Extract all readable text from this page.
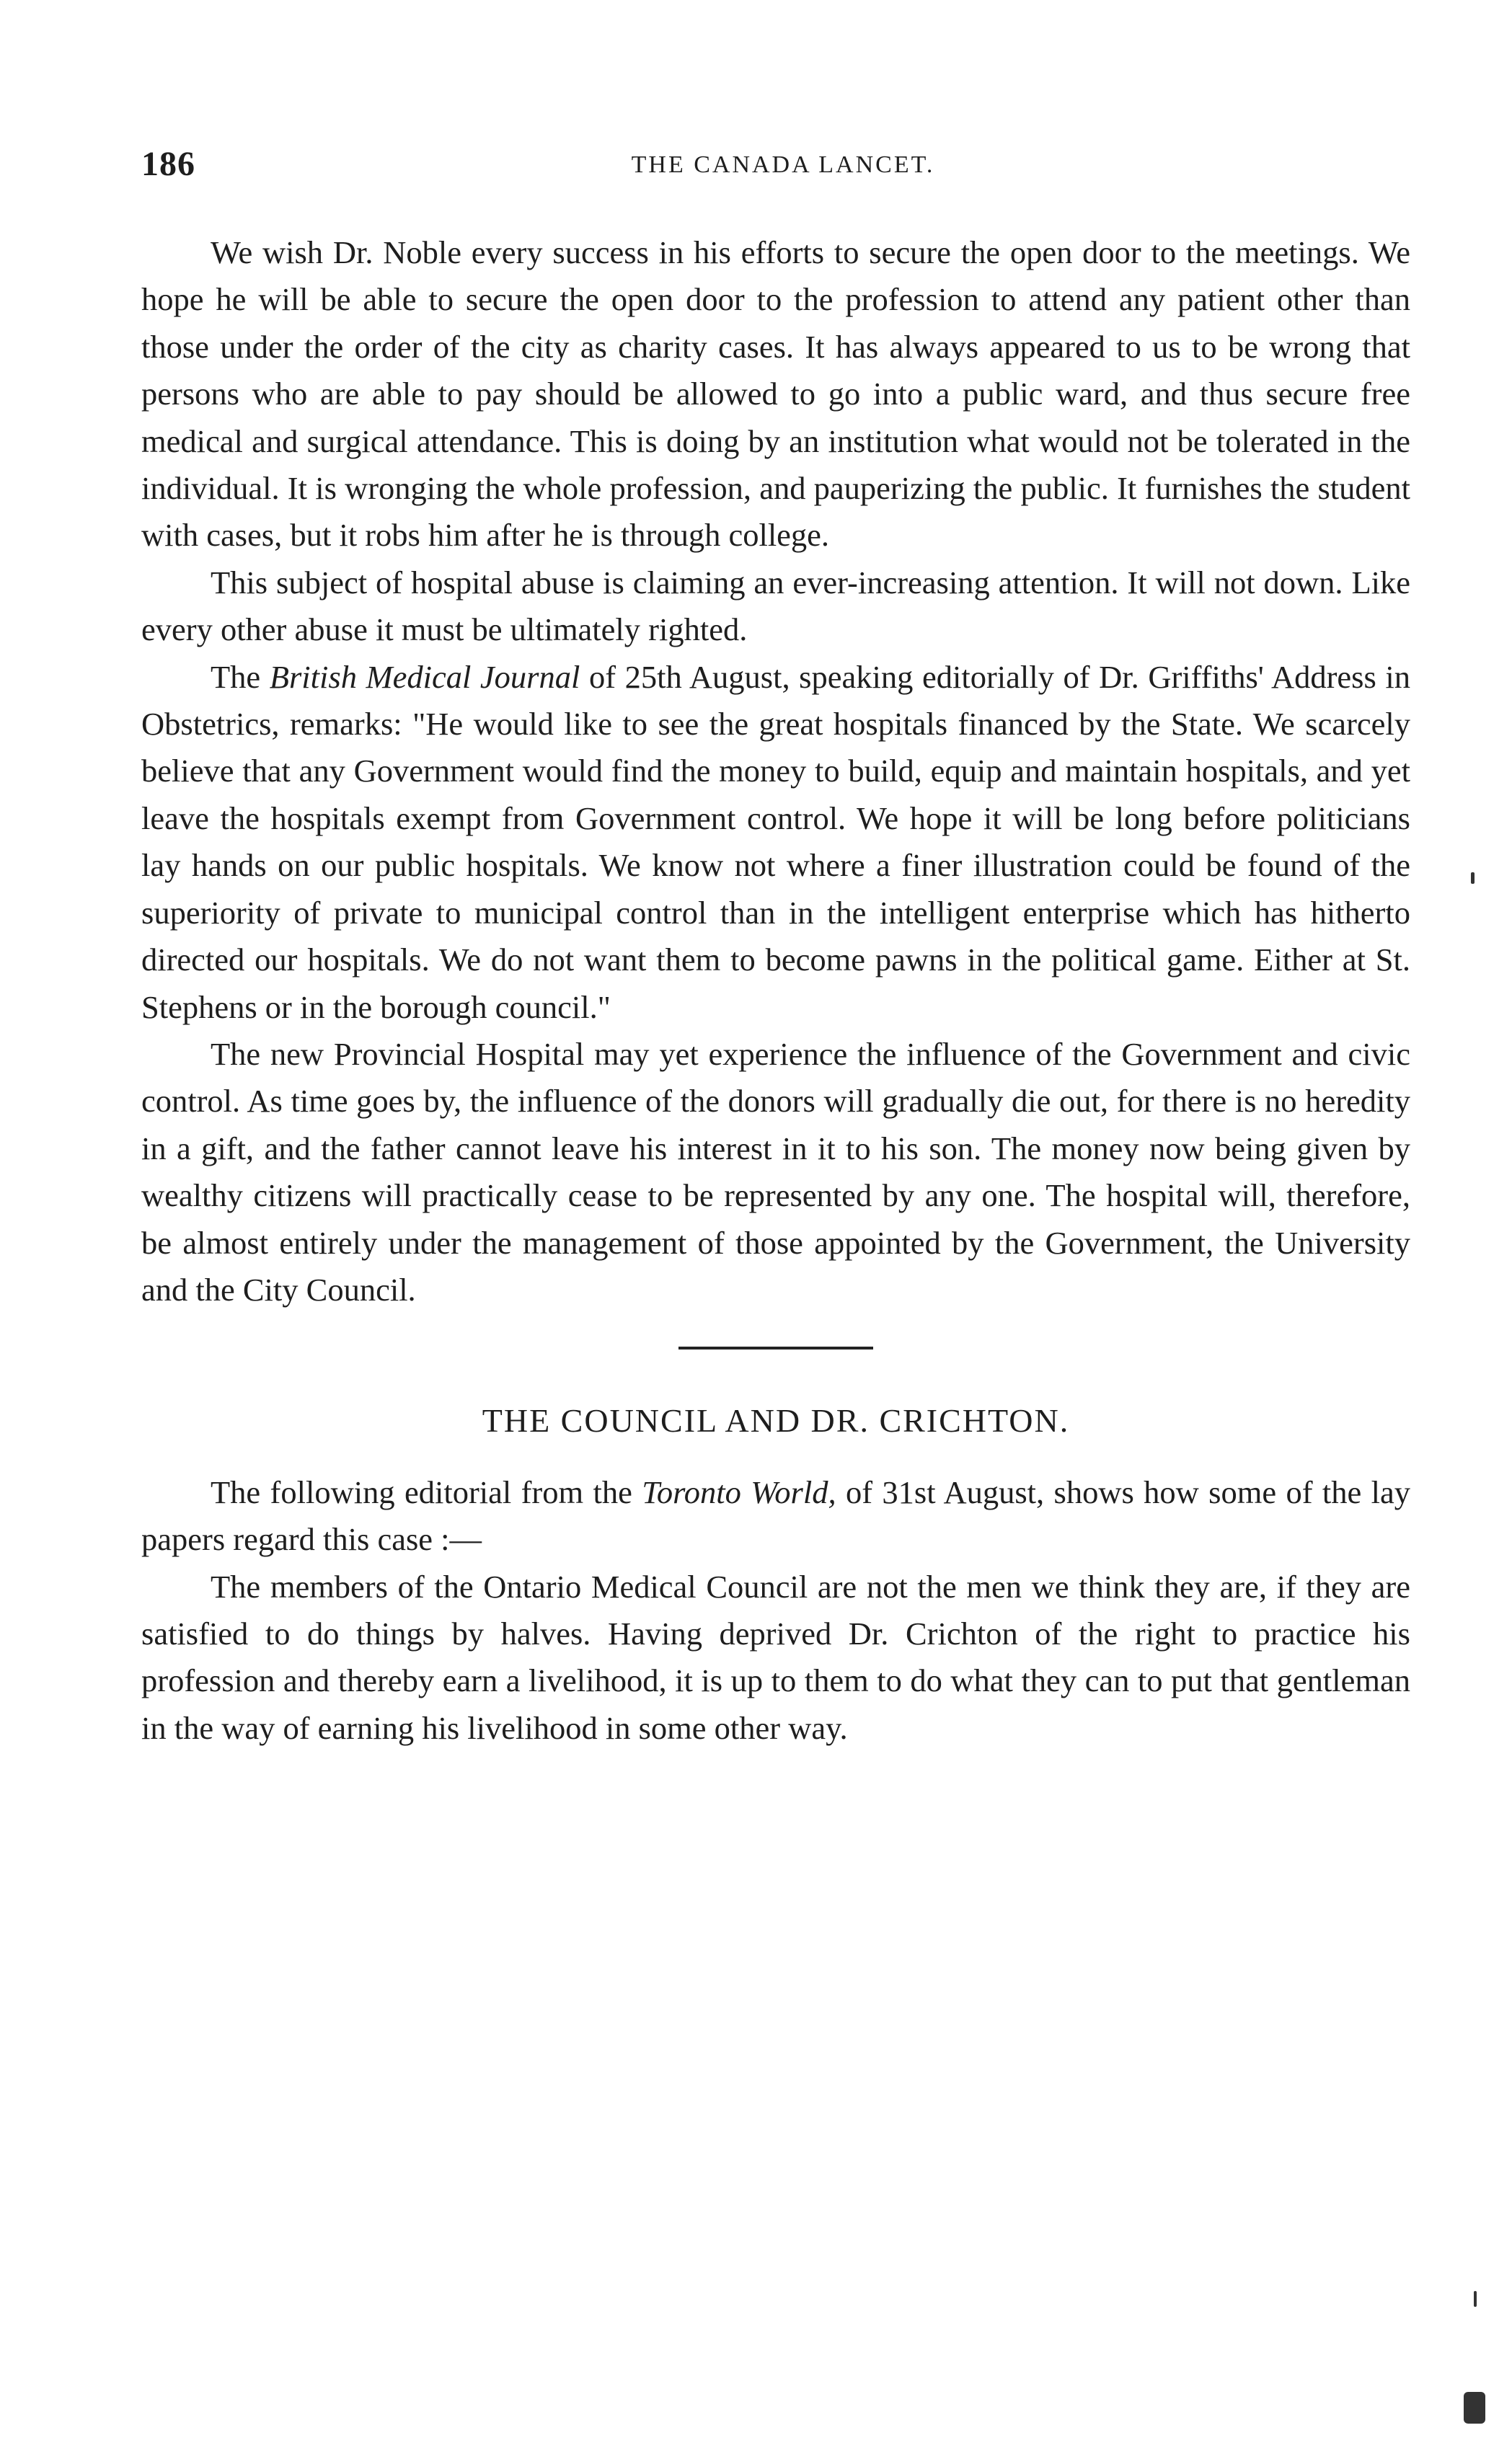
186	THE CANADA LANCET.

We wish Dr. Noble every success in his efforts to secure the open door to the meetings. We hope he will be able to secure the open door to the profession to attend any patient other than those under the order of the city as charity cases. It has always appeared to us to be wrong that persons who are able to pay should be allowed to go into a public ward, and thus secure free medical and surgical attendance. This is doing by an institution what would not be tolerated in the individual. It is wronging the whole profession, and pauperizing the public. It furnishes the student with cases, but it robs him after he is through college.

This subject of hospital abuse is claiming an ever-increasing attention. It will not down. Like every other abuse it must be ultimately righted.

The British Medical Journal of 25th August, speaking editorially of Dr. Griffiths' Address in Obstetrics, remarks: "He would like to see the great hospitals financed by the State. We scarcely believe that any Government would find the money to build, equip and maintain hospitals, and yet leave the hospitals exempt from Government control. We hope it will be long before politicians lay hands on our public hospitals. We know not where a finer illustration could be found of the superiority of private to municipal control than in the intelligent enterprise which has hitherto directed our hospitals. We do not want them to become pawns in the political game. Either at St. Stephens or in the borough council."

The new Provincial Hospital may yet experience the influence of the Government and civic control. As time goes by, the influence of the donors will gradually die out, for there is no heredity in a gift, and the father cannot leave his interest in it to his son. The money now being given by wealthy citizens will practically cease to be represented by any one. The hospital will, therefore, be almost entirely under the management of those appointed by the Government, the University and the City Council.

THE COUNCIL AND DR. CRICHTON.

The following editorial from the Toronto World, of 31st August, shows how some of the lay papers regard this case :—

The members of the Ontario Medical Council are not the men we think they are, if they are satisfied to do things by halves. Having deprived Dr. Crichton of the right to practice his profession and thereby earn a livelihood, it is up to them to do what they can to put that gentleman in the way of earning his livelihood in some other way.
